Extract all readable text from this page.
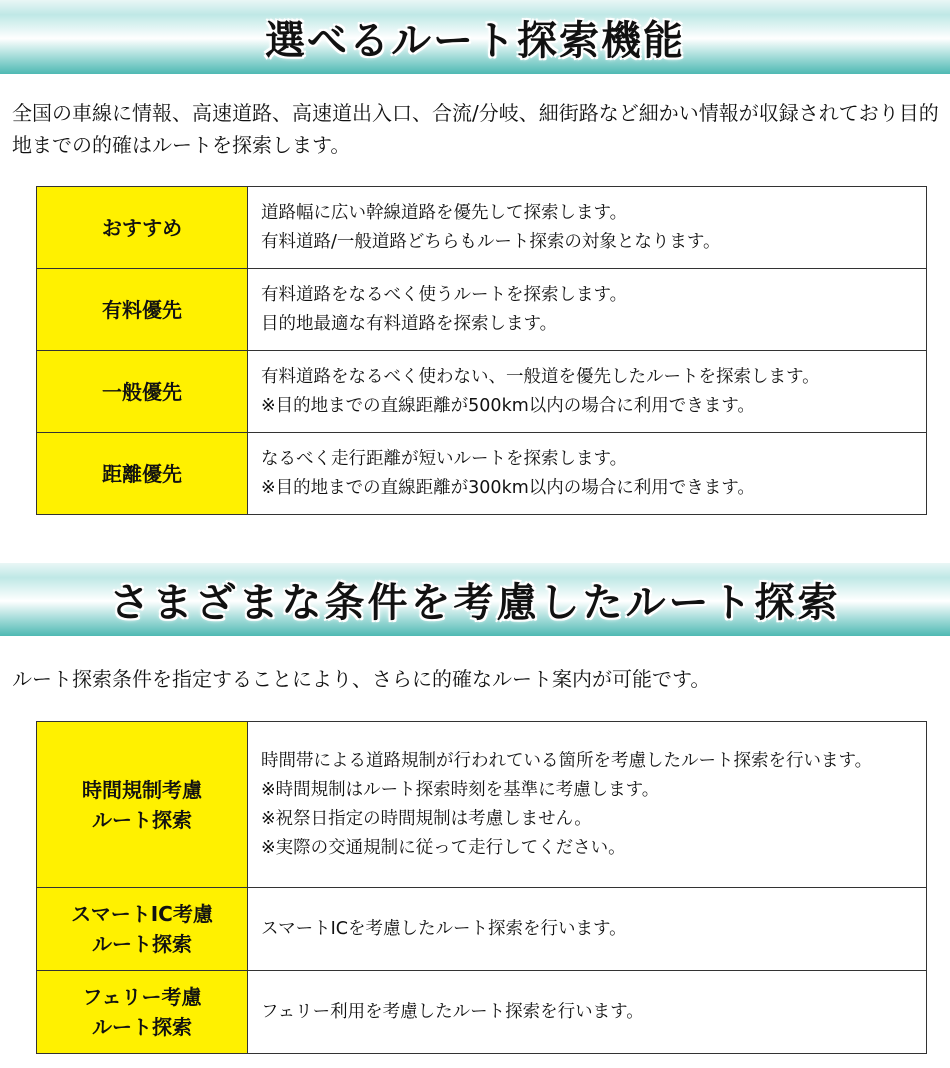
選べるルート探索機能

全国の車線に情報、高速道路、高速道出入口、合流/分岐、細街路など細かい情報が収録されており目的地までの的確はルートを探索します。

おすすめ	道路幅に広い幹線道路を優先して探索します。
有料道路/一般道路どちらもルート探索の対象となります。

有料優先	有料道路をなるべく使うルートを探索します。
目的地最適な有料道路を探索します。

一般優先	有料道路をなるべく使わない、一般道を優先したルートを探索します。
※目的地までの直線距離が500km以内の場合に利用できます。

距離優先	なるべく走行距離が短いルートを探索します。
※目的地までの直線距離が300km以内の場合に利用できます。
さまざまな条件を考慮したルート探索

ルート探索条件を指定することにより、さらに的確なルート案内が可能です。

時間規制考慮
ルート探索	時間帯による道路規制が行われている箇所を考慮したルート探索を行います。
※時間規制はルート探索時刻を基準に考慮します。
※祝祭日指定の時間規制は考慮しません。
※実際の交通規制に従って走行してください。

スマートIC考慮
ルート探索	スマートICを考慮したルート探索を行います。

フェリー考慮
ルート探索	フェリー利用を考慮したルート探索を行います。
